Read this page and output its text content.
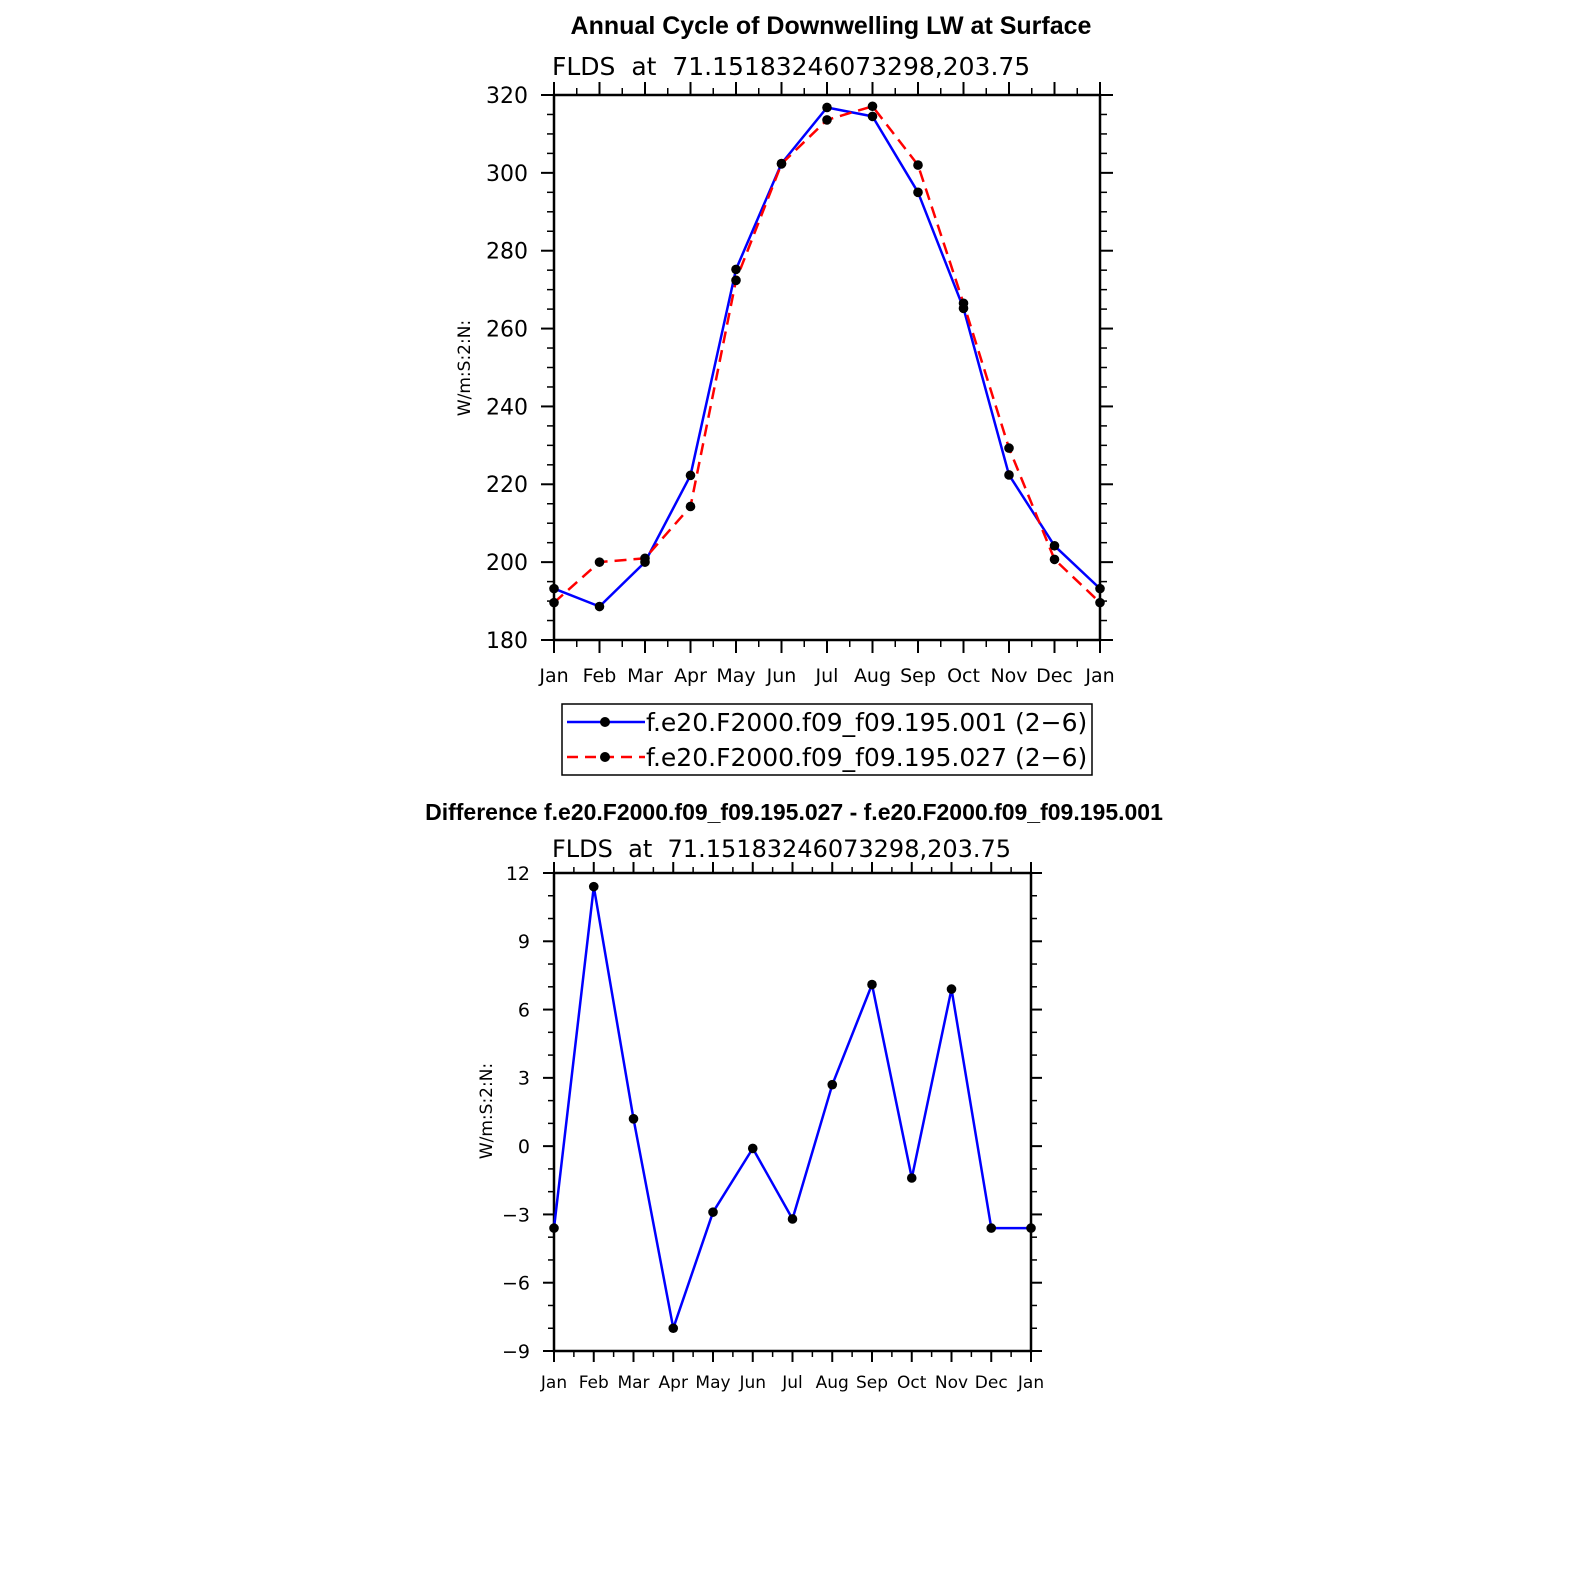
Annual Cycle of Downwelling LW at Surface
FLDS  at  71.15183246073298,203.75
W/m:S:2:N:
Jan Feb Mar Apr May Jun Jul Aug Sep Oct Nov Dec Jan
180
200
220
240
260
280
300
320
f.e20.F2000.f09_f09.195.001 (2−6)
f.e20.F2000.f09_f09.195.027 (2−6)
Difference f.e20.F2000.f09_f09.195.027 - f.e20.F2000.f09_f09.195.001
FLDS  at  71.15183246073298,203.75
W/m:S:2:N:
Jan Feb Mar Apr May Jun Jul Aug Sep Oct Nov Dec Jan
−9
−6
−3
0
3
6
9
12
